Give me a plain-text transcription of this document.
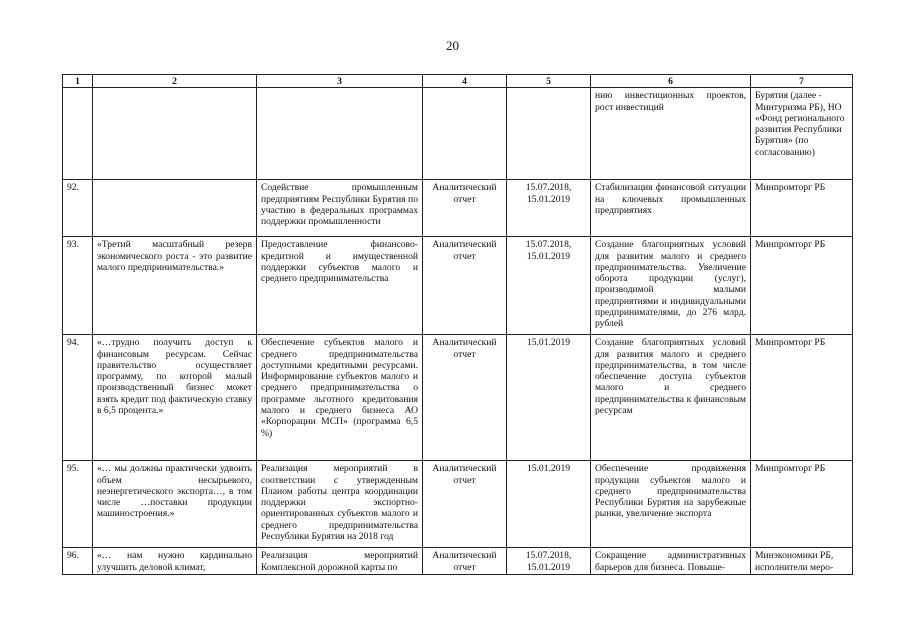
20
1	2	3	4	5	6	7
					нию инвестиционных проектов, рост инвестиций	Бурятия (далее - Минтуризма РБ), НО «Фонд регионального развития Республики Бурятия» (по согласованию)
92.		Содействие промышленным предприятиям Республики Бурятия по участию в федеральных программах поддержки промышленности	Аналитический отчет	15.07.2018, 15.01.2019	Стабилизация финансовой ситуации на ключевых промышленных предприятиях	Минпромторг РБ
93.	«Третий масштабный резерв экономического роста - это развитие малого предпринимательства.»	Предоставление финансово-кредитной и имущественной поддержки субъектов малого и среднего предпринимательства	Аналитический отчет	15.07.2018, 15.01.2019	Создание благоприятных условий для развития малого и среднего предпринимательства. Увеличение оборота продукции (услуг), производимой малыми предприятиями и индивидуальными предпринимателями, до 276 млрд. рублей	Минпромторг РБ
94.	«…трудно получить доступ к финансовым ресурсам. Сейчас правительство осуществляет программу, по которой малый производственный бизнес может взять кредит под фактическую ставку в 6,5 процента.»	Обеспечение субъектов малого и среднего предпринимательства доступными кредитными ресурсами. Информирование субъектов малого и среднего предпринимательства о программе льготного кредитования малого и среднего бизнеса АО «Корпорации МСП» (программа 6,5 %)	Аналитический отчет	15.01.2019	Создание благоприятных условий для развития малого и среднего предпринимательства, в том числе обеспечение доступа субъектов малого и среднего предпринимательства к финансовым ресурсам	Минпромторг РБ
95.	«… мы должны практически удвоить объем несырьевого, неэнергетического экспорта…, в том числе …поставки продукции машиностроения.»	Реализация мероприятий в соответствии с утвержденным Планом работы центра координации поддержки экспортно-ориентированных субъектов малого и среднего предпринимательства Республики Бурятия на 2018 год	Аналитический отчет	15.01.2019	Обеспечение продвижения продукции субъектов малого и среднего предпринимательства Республики Бурятия на зарубежные рынки, увеличение экспорта	Минпромторг РБ
96.	«… нам нужно кардинально улучшить деловой климат,	Реализация мероприятий Комплексной дорожной карты по	Аналитический отчет	15.07.2018, 15.01.2019	Сокращение административных барьеров для бизнеса. Повыше-	Минэкономики РБ, исполнители меро-
